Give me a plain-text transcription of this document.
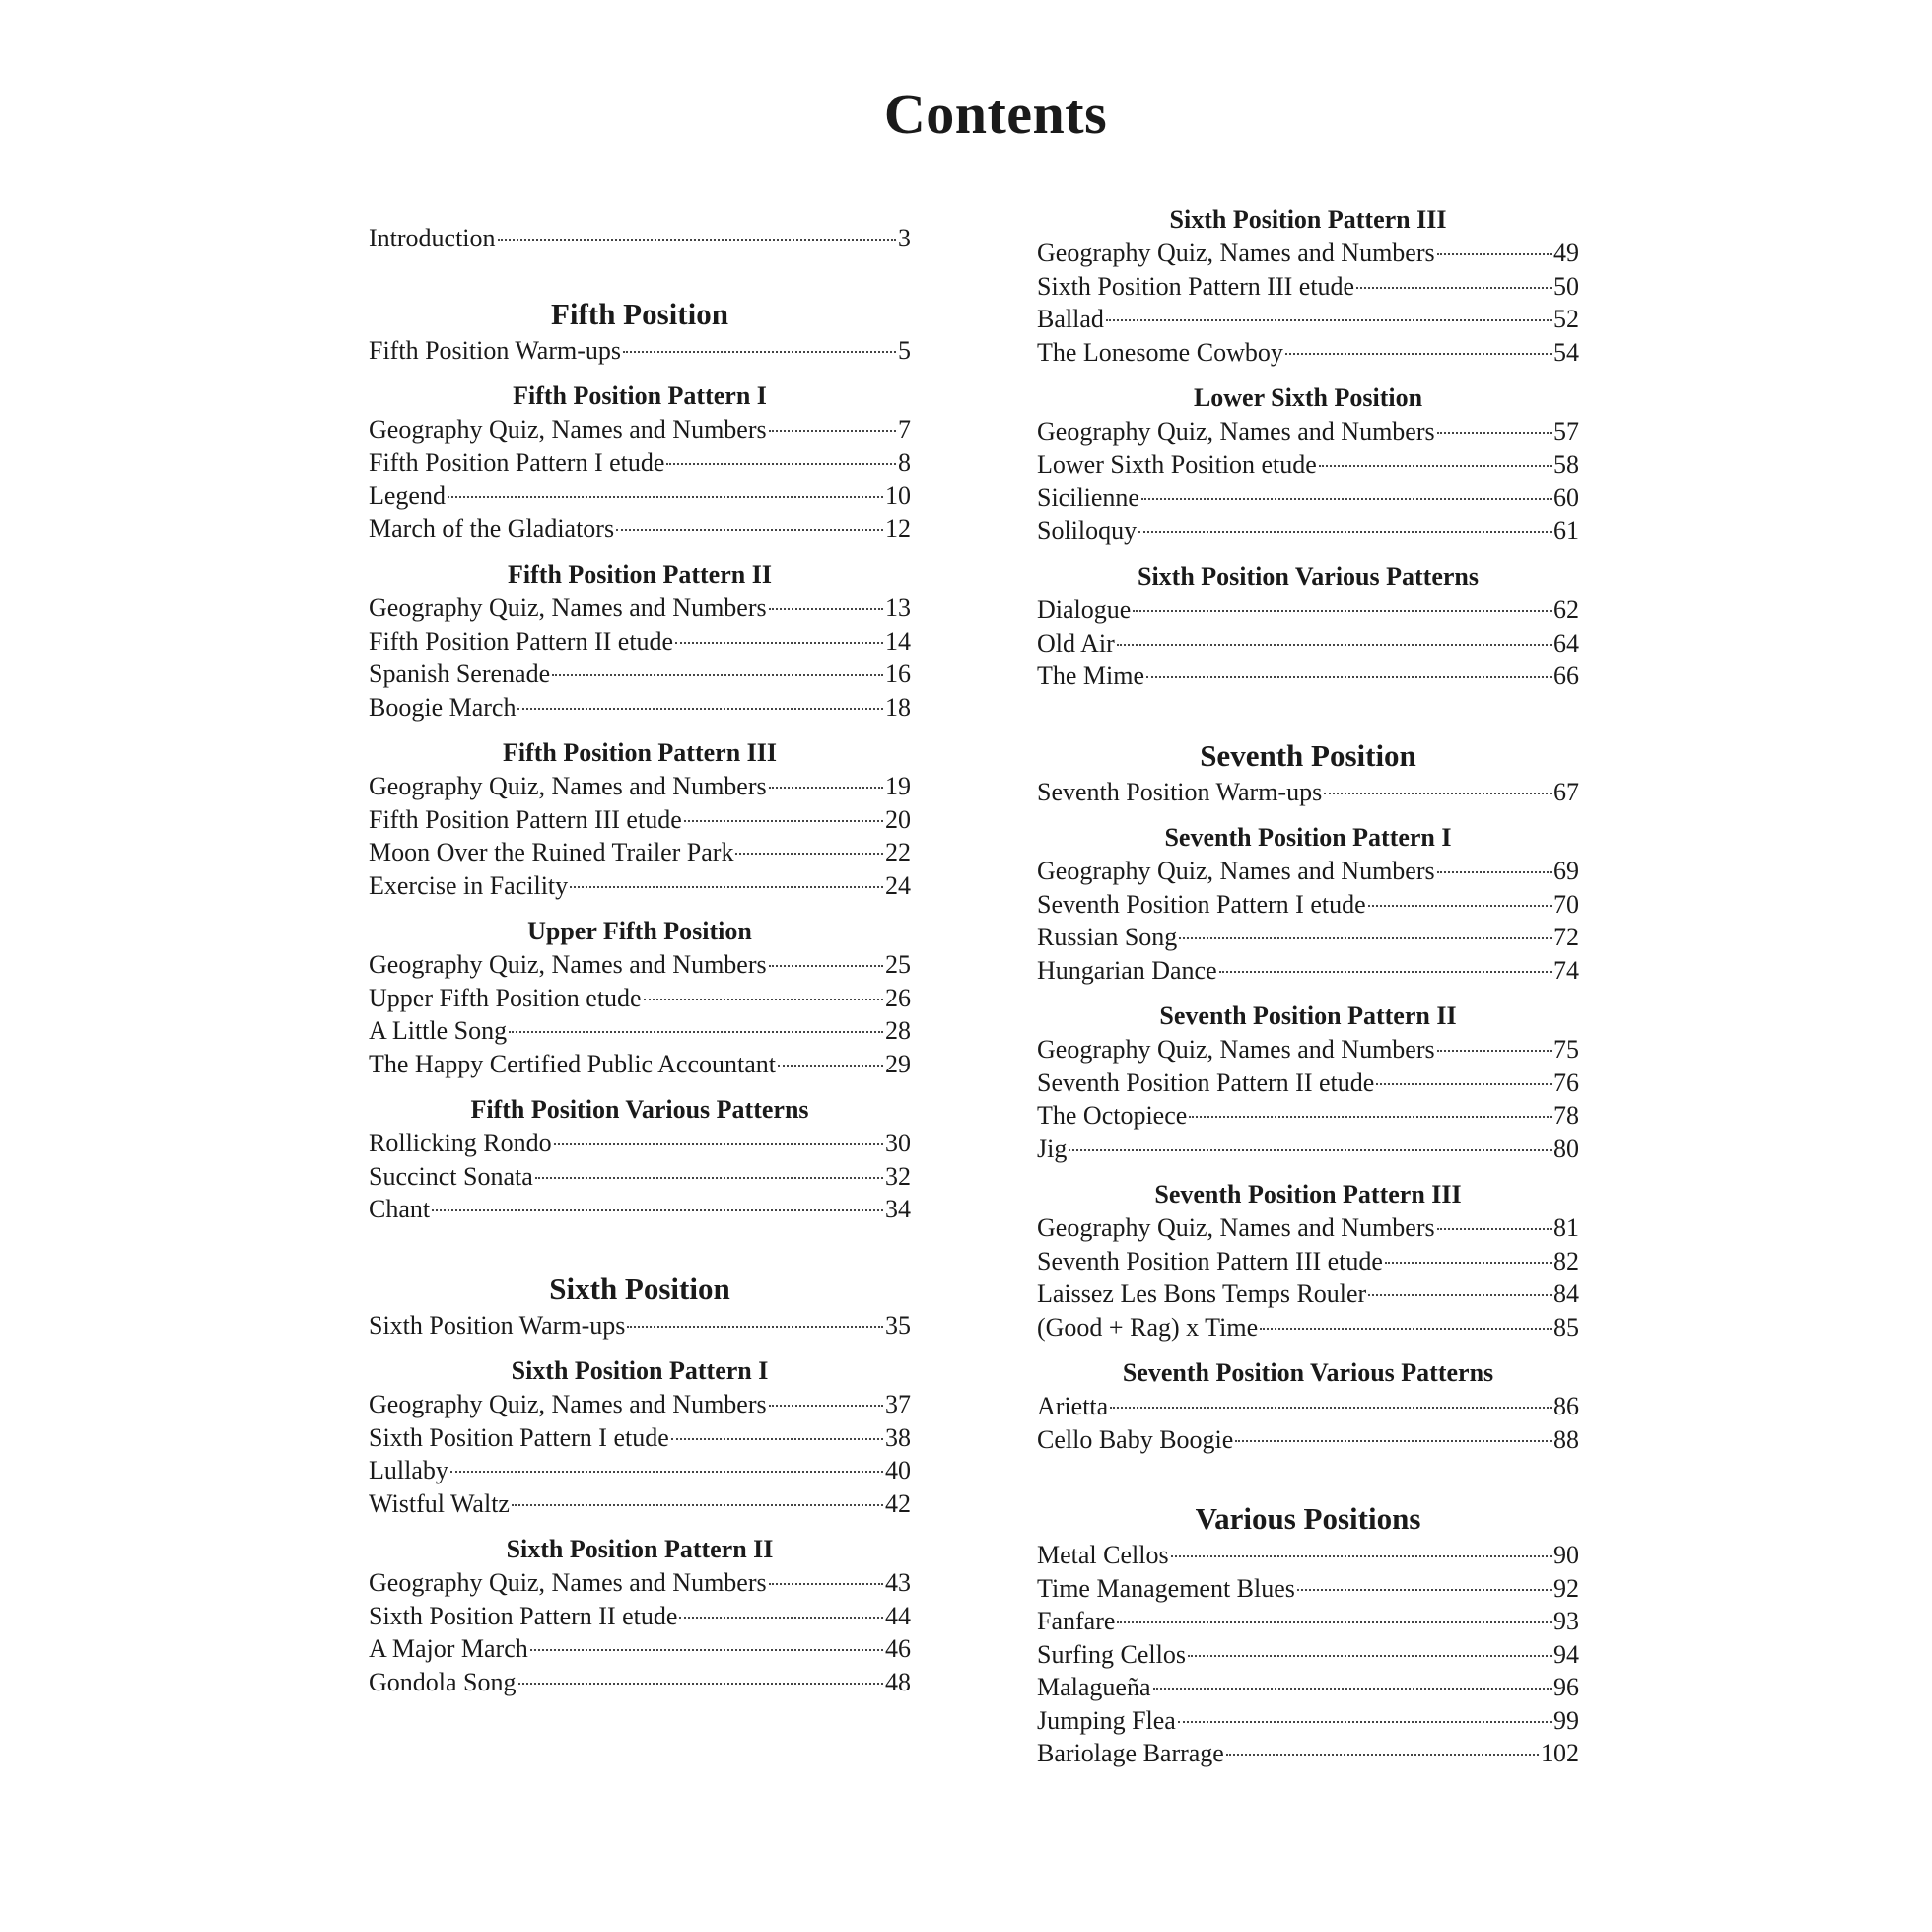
Contents
Introduction	3
Fifth Position
Fifth Position Warm-ups	5
Fifth Position Pattern I
Geography Quiz, Names and Numbers	7
Fifth Position Pattern I etude	8
Legend	10
March of the Gladiators	12
Fifth Position Pattern II
Geography Quiz, Names and Numbers	13
Fifth Position Pattern II etude	14
Spanish Serenade	16
Boogie March	18
Fifth Position Pattern III
Geography Quiz, Names and Numbers	19
Fifth Position Pattern III etude	20
Moon Over the Ruined Trailer Park	22
Exercise in Facility	24
Upper Fifth Position
Geography Quiz, Names and Numbers	25
Upper Fifth Position etude	26
A Little Song	28
The Happy Certified Public Accountant	29
Fifth Position Various Patterns
Rollicking Rondo	30
Succinct Sonata	32
Chant	34
Sixth Position
Sixth Position Warm-ups	35
Sixth Position Pattern I
Geography Quiz, Names and Numbers	37
Sixth Position Pattern I etude	38
Lullaby	40
Wistful Waltz	42
Sixth Position Pattern II
Geography Quiz, Names and Numbers	43
Sixth Position Pattern II etude	44
A Major March	46
Gondola Song	48
Sixth Position Pattern III
Geography Quiz, Names and Numbers	49
Sixth Position Pattern III etude	50
Ballad	52
The Lonesome Cowboy	54
Lower Sixth Position
Geography Quiz, Names and Numbers	57
Lower Sixth Position etude	58
Sicilienne	60
Soliloquy	61
Sixth Position Various Patterns
Dialogue	62
Old Air	64
The Mime	66
Seventh Position
Seventh Position Warm-ups	67
Seventh Position Pattern I
Geography Quiz, Names and Numbers	69
Seventh Position Pattern I etude	70
Russian Song	72
Hungarian Dance	74
Seventh Position Pattern II
Geography Quiz, Names and Numbers	75
Seventh Position Pattern II etude	76
The Octopiece	78
Jig	80
Seventh Position Pattern III
Geography Quiz, Names and Numbers	81
Seventh Position Pattern III etude	82
Laissez Les Bons Temps Rouler	84
(Good + Rag) x Time	85
Seventh Position Various Patterns
Arietta	86
Cello Baby Boogie	88
Various Positions
Metal Cellos	90
Time Management Blues	92
Fanfare	93
Surfing Cellos	94
Malagueña	96
Jumping Flea	99
Bariolage Barrage	102
